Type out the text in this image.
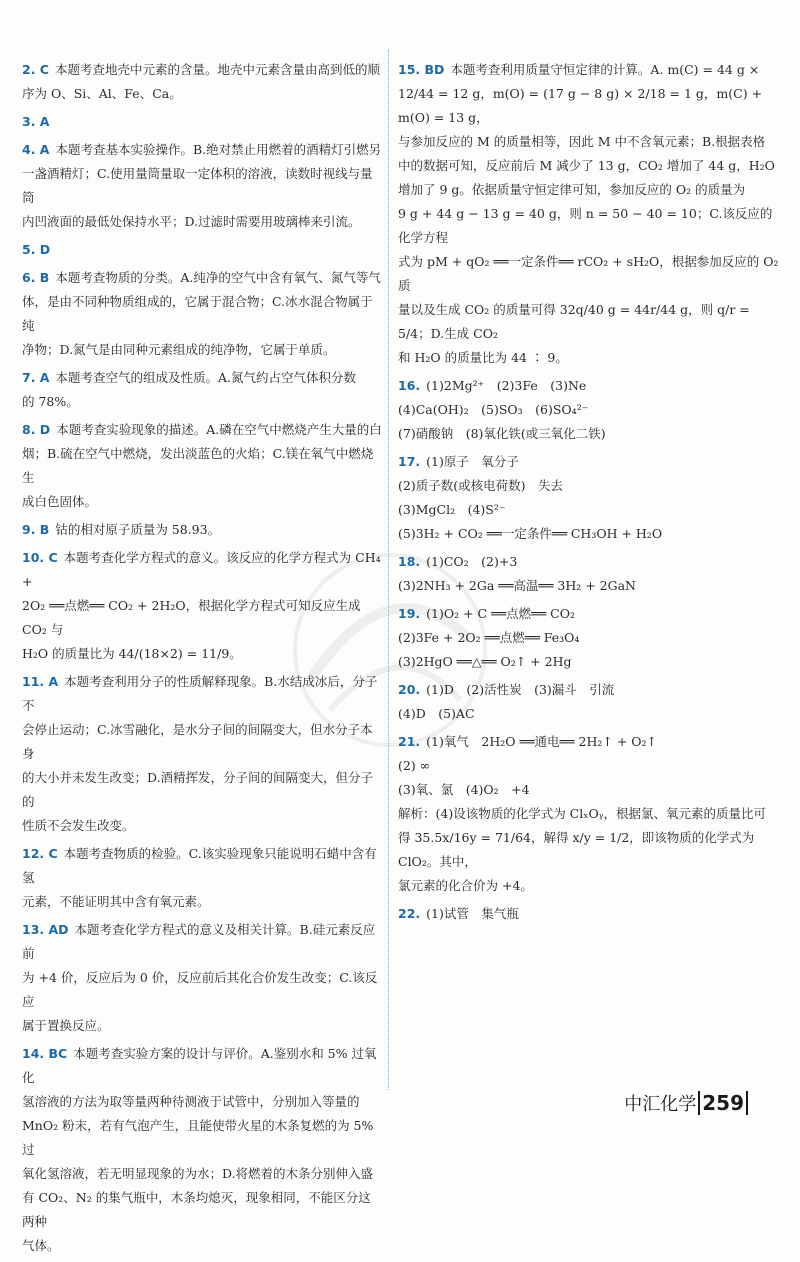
2. C 本题考查地壳中元素的含量。地壳中元素含量由高到低的顺
序为 O、Si、Al、Fe、Ca。
3. A
4. A 本题考查基本实验操作。B.绝对禁止用燃着的酒精灯引燃另
一盏酒精灯；C.使用量筒量取一定体积的溶液，读数时视线与量筒
内凹液面的最低处保持水平；D.过滤时需要用玻璃棒来引流。
5. D
6. B 本题考查物质的分类。A.纯净的空气中含有氧气、氮气等气
体，是由不同种物质组成的，它属于混合物；C.冰水混合物属于纯
净物；D.氮气是由同种元素组成的纯净物，它属于单质。
7. A 本题考查空气的组成及性质。A.氮气约占空气体积分数
的 78%。
8. D 本题考查实验现象的描述。A.磷在空气中燃烧产生大量的白
烟；B.硫在空气中燃烧，发出淡蓝色的火焰；C.镁在氧气中燃烧生
成白色固体。
9. B 钴的相对原子质量为 58.93。
10. C 本题考查化学方程式的意义。该反应的化学方程式为 CH₄ +
2O₂ ══点燃══ CO₂ + 2H₂O，根据化学方程式可知反应生成 CO₂ 与
H₂O 的质量比为 44/(18×2) = 11/9。
11. A 本题考查利用分子的性质解释现象。B.水结成冰后，分子不
会停止运动；C.冰雪融化，是水分子间的间隔变大，但水分子本身
的大小并未发生改变；D.酒精挥发，分子间的间隔变大，但分子的
性质不会发生改变。
12. C 本题考查物质的检验。C.该实验现象只能说明石蜡中含有氢
元素，不能证明其中含有氧元素。
13. AD 本题考查化学方程式的意义及相关计算。B.硅元素反应前
为 +4 价，反应后为 0 价，反应前后其化合价发生改变；C.该反应
属于置换反应。
14. BC 本题考查实验方案的设计与评价。A.鉴别水和 5% 过氧化
氢溶液的方法为取等量两种待测液于试管中，分别加入等量的
MnO₂ 粉末，若有气泡产生，且能使带火星的木条复燃的为 5% 过
氧化氢溶液，若无明显现象的为水；D.将燃着的木条分别伸入盛
有 CO₂、N₂ 的集气瓶中，木条均熄灭，现象相同，不能区分这两种
气体。
15. BD 本题考查利用质量守恒定律的计算。A. m(C) = 44 g ×
12/44 = 12 g，m(O) = (17 g − 8 g) × 2/18 = 1 g，m(C) + m(O) = 13 g，
与参加反应的 M 的质量相等，因此 M 中不含氧元素；B.根据表格
中的数据可知，反应前后 M 减少了 13 g，CO₂ 增加了 44 g，H₂O
增加了 9 g。依据质量守恒定律可知，参加反应的 O₂ 的质量为
9 g + 44 g − 13 g = 40 g，则 n = 50 − 40 = 10；C.该反应的化学方程
式为 pM + qO₂ ══一定条件══ rCO₂ + sH₂O，根据参加反应的 O₂ 质
量以及生成 CO₂ 的质量可得 32q/40 g = 44r/44 g，则 q/r = 5/4；D.生成 CO₂
和 H₂O 的质量比为 44 ∶ 9。
16. (1)2Mg²⁺　(2)3Fe　(3)Ne
(4)Ca(OH)₂　(5)SO₃　(6)SO₄²⁻
(7)硝酸钠　(8)氧化铁(或三氧化二铁)
17. (1)原子　氧分子
(2)质子数(或核电荷数)　失去
(3)MgCl₂　(4)S²⁻
(5)3H₂ + CO₂ ══一定条件══ CH₃OH + H₂O
18. (1)CO₂　(2)+3
(3)2NH₃ + 2Ga ══高温══ 3H₂ + 2GaN
19. (1)O₂ + C ══点燃══ CO₂
(2)3Fe + 2O₂ ══点燃══ Fe₃O₄
(3)2HgO ══△══ O₂↑ + 2Hg
20. (1)D　(2)活性炭　(3)漏斗　引流
(4)D　(5)AC
21. (1)氧气　2H₂O ══通电══ 2H₂↑ + O₂↑
(2) ∞
(3)氧、氯　(4)O₂　+4
解析：(4)设该物质的化学式为 ClₓOᵧ，根据氯、氧元素的质量比可
得 35.5x/16y = 71/64，解得 x/y = 1/2，即该物质的化学式为 ClO₂。其中，
氯元素的化合价为 +4。
22. (1)试管　集气瓶
中汇化学 259
